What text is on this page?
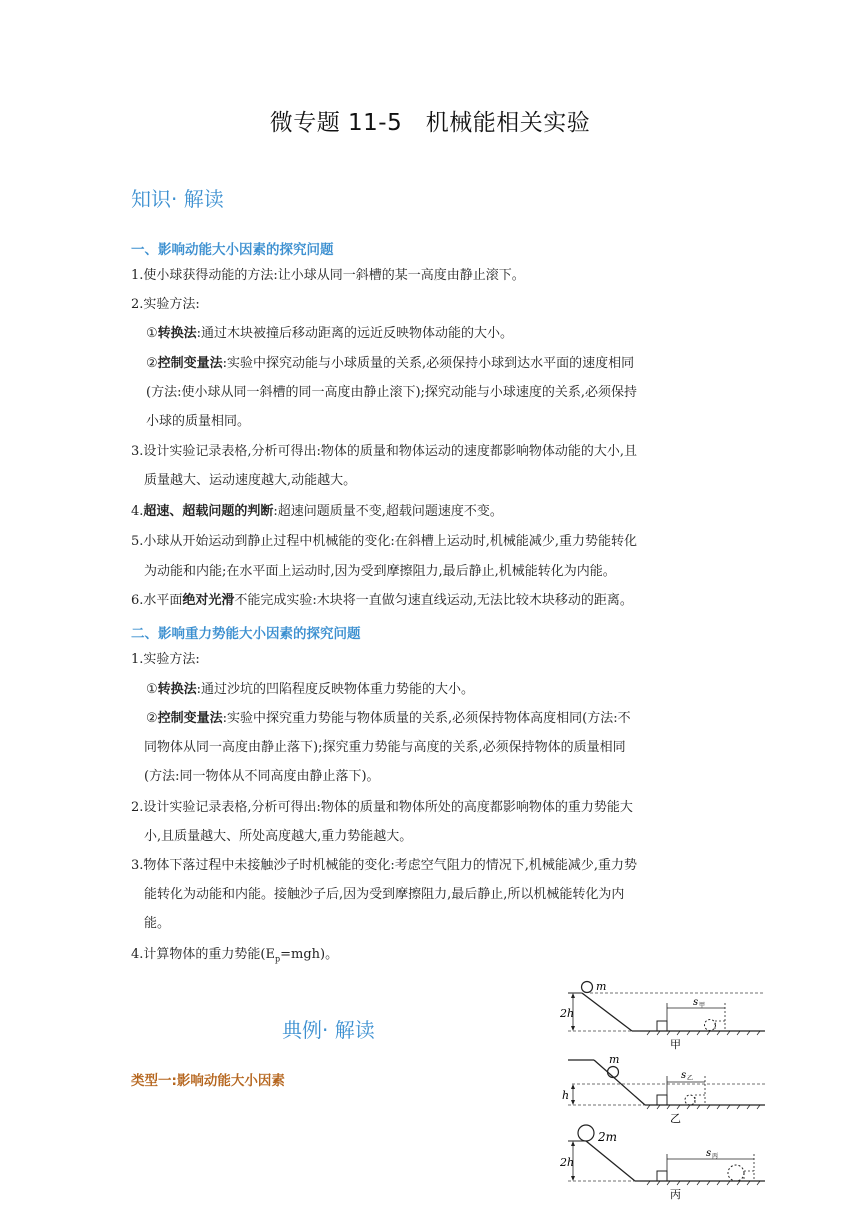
微专题 11-5　机械能相关实验
知识· 解读
一、影响动能大小因素的探究问题
1.使小球获得动能的方法:让小球从同一斜槽的某一高度由静止滚下。
2.实验方法:
①转换法:通过木块被撞后移动距离的远近反映物体动能的大小。
②控制变量法:实验中探究动能与小球质量的关系,必须保持小球到达水平面的速度相同
(方法:使小球从同一斜槽的同一高度由静止滚下);探究动能与小球速度的关系,必须保持
小球的质量相同。
3.设计实验记录表格,分析可得出:物体的质量和物体运动的速度都影响物体动能的大小,且
质量越大、运动速度越大,动能越大。
4.超速、超载问题的判断:超速问题质量不变,超载问题速度不变。
5.小球从开始运动到静止过程中机械能的变化:在斜槽上运动时,机械能减少,重力势能转化
为动能和内能;在水平面上运动时,因为受到摩擦阻力,最后静止,机械能转化为内能。
6.水平面绝对光滑不能完成实验:木块将一直做匀速直线运动,无法比较木块移动的距离。
二、影响重力势能大小因素的探究问题
1.实验方法:
①转换法:通过沙坑的凹陷程度反映物体重力势能的大小。
②控制变量法:实验中探究重力势能与物体质量的关系,必须保持物体高度相同(方法:不
同物体从同一高度由静止落下);探究重力势能与高度的关系,必须保持物体的质量相同
(方法:同一物体从不同高度由静止落下)。
2.设计实验记录表格,分析可得出:物体的质量和物体所处的高度都影响物体的重力势能大
小,且质量越大、所处高度越大,重力势能越大。
3.物体下落过程中未接触沙子时机械能的变化:考虑空气阻力的情况下,机械能减少,重力势
能转化为动能和内能。接触沙子后,因为受到摩擦阻力,最后静止,所以机械能转化为内
能。
4.计算物体的重力势能$(E_p=mgh)$。
典例· 解读
类型一:影响动能大小因素
m
2h
s 甲
甲
m
h
s 乙
乙
2m
2h
s 丙
丙
